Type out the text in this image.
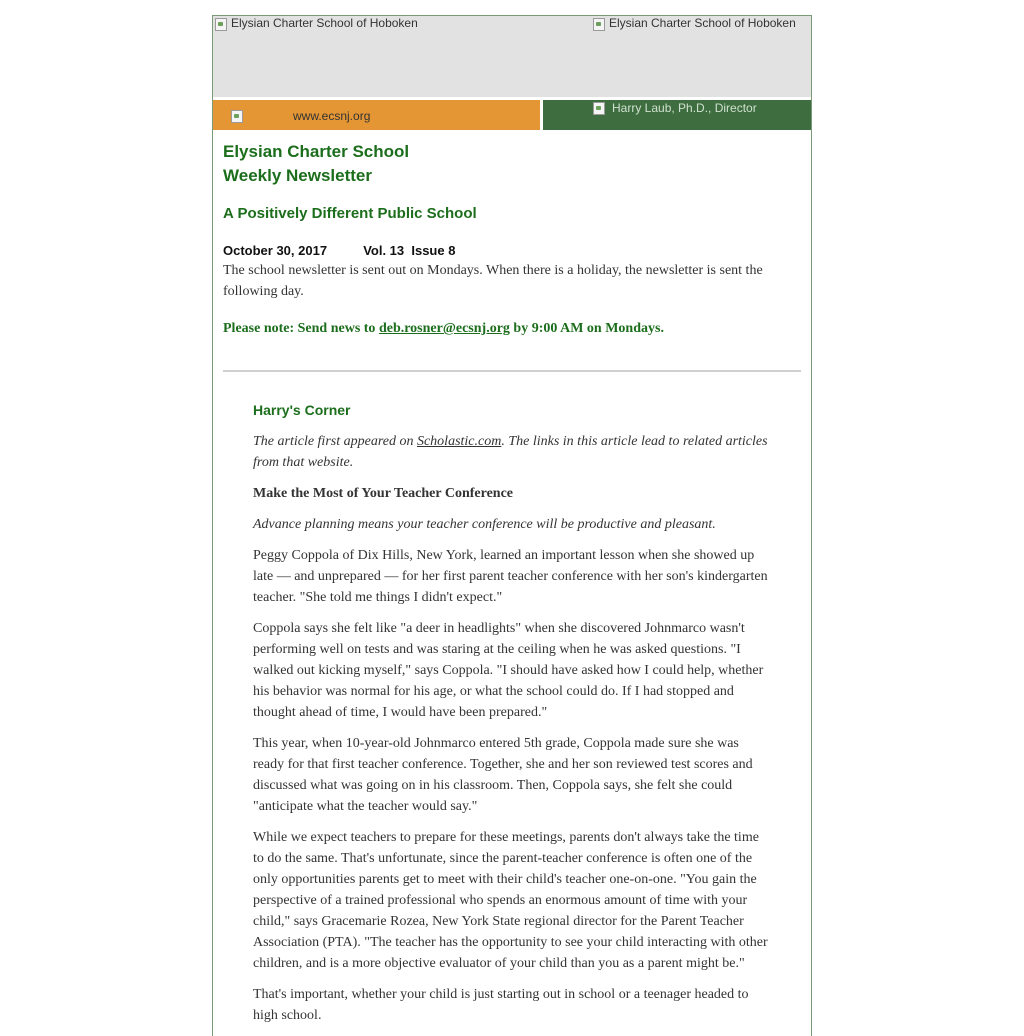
Elysian Charter School of Hoboken	Elysian Charter School of Hoboken
www.ecsnj.org
Harry Laub, Ph.D., Director

Elysian Charter School
Weekly Newsletter

A Positively Different Public School

October 30, 2017	Vol. 13  Issue 8

The school newsletter is sent out on Mondays. When there is a holiday, the newsletter is sent the following day.

Please note: Send news to deb.rosner@ecsnj.org by 9:00 AM on Mondays.

Harry's Corner

The article first appeared on Scholastic.com. The links in this article lead to related articles from that website.

Make the Most of Your Teacher Conference

Advance planning means your teacher conference will be productive and pleasant.

Peggy Coppola of Dix Hills, New York, learned an important lesson when she showed up late — and unprepared — for her first parent teacher conference with her son's kindergarten teacher. "She told me things I didn't expect."

Coppola says she felt like "a deer in headlights" when she discovered Johnmarco wasn't performing well on tests and was staring at the ceiling when he was asked questions. "I walked out kicking myself," says Coppola. "I should have asked how I could help, whether his behavior was normal for his age, or what the school could do. If I had stopped and thought ahead of time, I would have been prepared."

This year, when 10-year-old Johnmarco entered 5th grade, Coppola made sure she was ready for that first teacher conference. Together, she and her son reviewed test scores and discussed what was going on in his classroom. Then, Coppola says, she felt she could "anticipate what the teacher would say."

While we expect teachers to prepare for these meetings, parents don't always take the time to do the same. That's unfortunate, since the parent-teacher conference is often one of the only opportunities parents get to meet with their child's teacher one-on-one. "You gain the perspective of a trained professional who spends an enormous amount of time with your child," says Gracemarie Rozea, New York State regional director for the Parent Teacher Association (PTA). "The teacher has the opportunity to see your child interacting with other children, and is a more objective evaluator of your child than you as a parent might be."

That's important, whether your child is just starting out in school or a teenager headed to high school.
